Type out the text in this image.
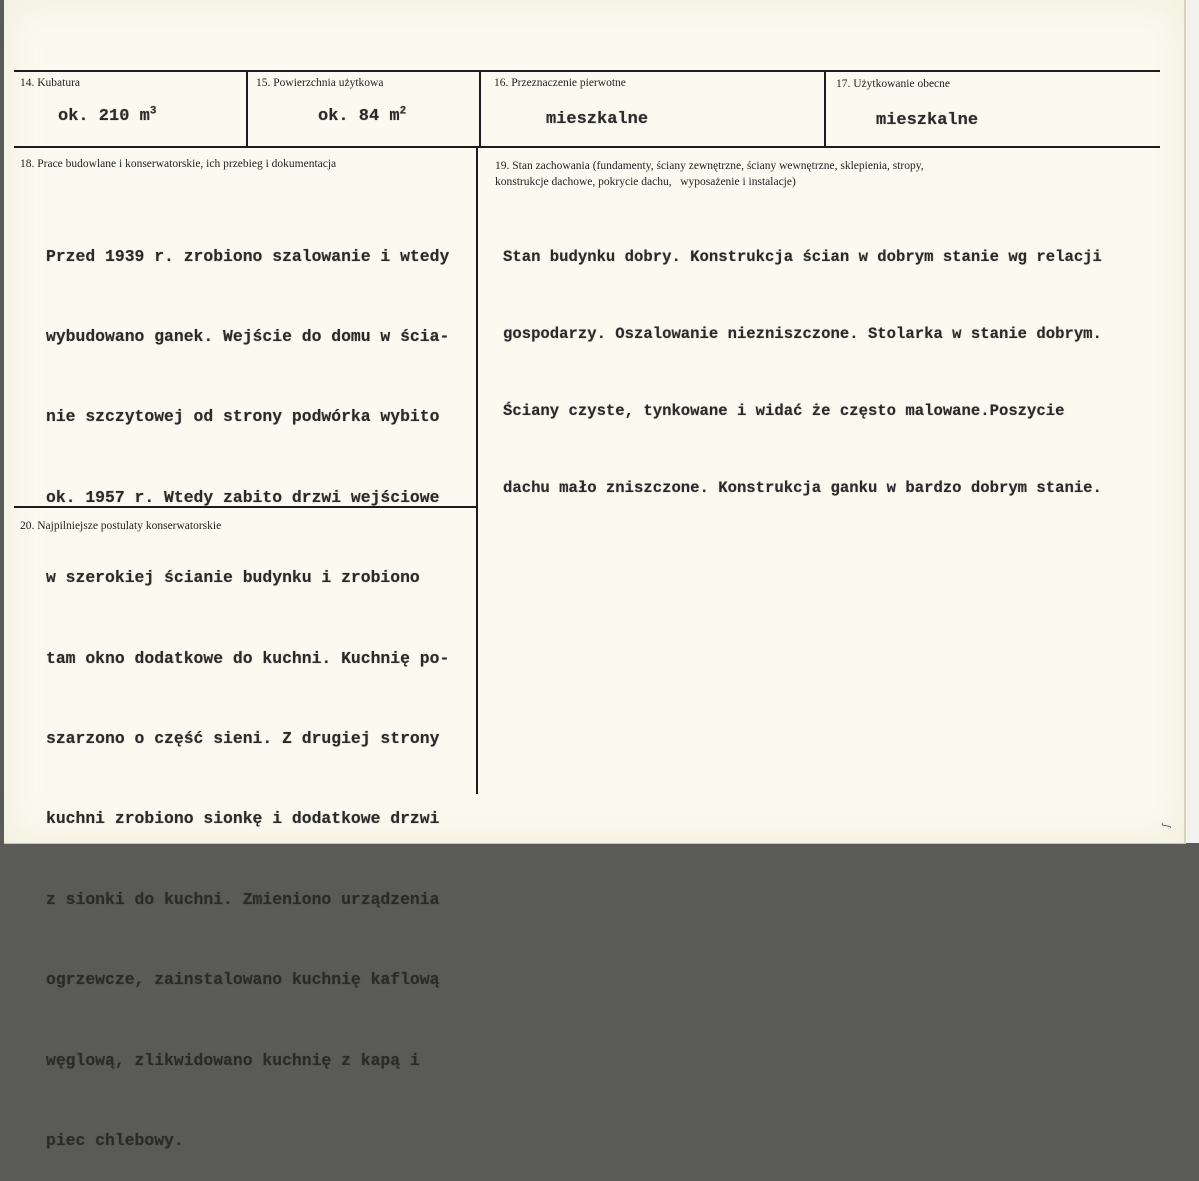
14. Kubatura
ok. 210 $m^3$
15. Powierzchnia użytkowa
ok. 84 $m^2$
16. Przeznaczenie pierwotne
mieszkalne
17. Użytkowanie obecne
mieszkalne
18. Prace budowlane i konserwatorskie, ich przebieg i dokumentacja

Przed 1939 r. zrobiono szalowanie i wtedy

wybudowano ganek. Wejście do domu w ścia-

nie szczytowej od strony podwórka wybito

ok. 1957 r. Wtedy zabito drzwi wejściowe

w szerokiej ścianie budynku i zrobiono

tam okno dodatkowe do kuchni. Kuchnię po-

szarzono o część sieni. Z drugiej strony

kuchni zrobiono sionkę i dodatkowe drzwi

z sionki do kuchni. Zmieniono urządzenia

ogrzewcze, zainstalowano kuchnię kaflową

węglową, zlikwidowano kuchnię z kapą i

piec chlebowy.

19. Stan zachowania (fundamenty, ściany zewnętrzne, ściany wewnętrzne, sklepienia, stropy,
konstrukcje dachowe, pokrycie dachu,   wyposażenie i instalacje)

Stan budynku dobry. Konstrukcja ścian w dobrym stanie wg relacji

gospodarzy. Oszalowanie niezniszczone. Stolarka w stanie dobrym.

Ściany czyste, tynkowane i widać że często malowane.Poszycie

dachu mało zniszczone. Konstrukcja ganku w bardzo dobrym stanie.

20. Najpilniejsze postulaty konserwatorskie
ʃ
